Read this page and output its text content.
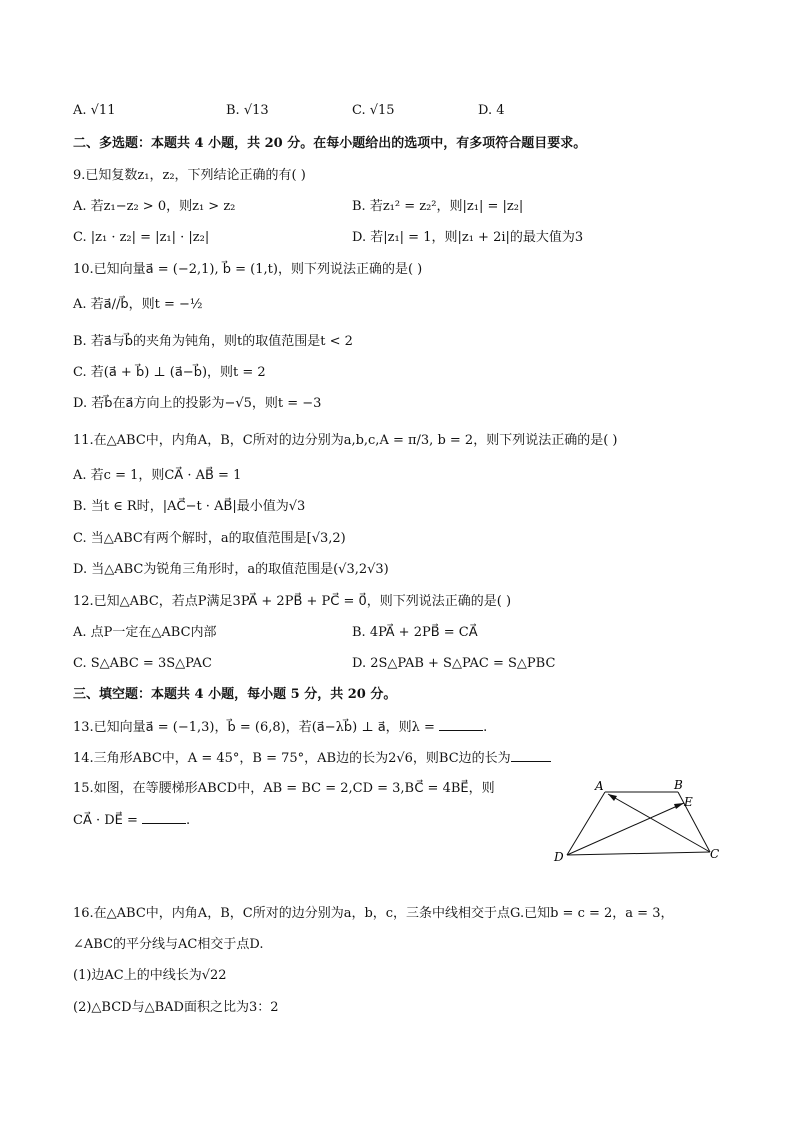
A. √11	B. √13	C. √15	D. 4
二、多选题：本题共 4 小题，共 20 分。在每小题给出的选项中，有多项符合题目要求。
9.已知复数z₁，z₂，下列结论正确的有( )
A. 若z₁−z₂ > 0，则z₁ > z₂	B. 若z₁² = z₂²，则|z₁| = |z₂|
C. |z₁ · z₂| = |z₁| · |z₂|	D. 若|z₁| = 1，则|z₁ + 2i|的最大值为3
10.已知向量a⃗ = (−2,1), b⃗ = (1,t)，则下列说法正确的是( )
A. 若a⃗//b⃗，则t = −½
B. 若a⃗与b⃗的夹角为钝角，则t的取值范围是t < 2
C. 若(a⃗ + b⃗) ⊥ (a⃗−b⃗)，则t = 2
D. 若b⃗在a⃗方向上的投影为−√5，则t = −3
11.在△ABC中，内角A，B，C所对的边分别为a,b,c,A = π/3, b = 2，则下列说法正确的是( )
A. 若c = 1，则CA⃗ · AB⃗ = 1
B. 当t ∈ R时，|AC⃗−t · AB⃗|最小值为√3
C. 当△ABC有两个解时，a的取值范围是[√3,2)
D. 当△ABC为锐角三角形时，a的取值范围是(√3,2√3)
12.已知△ABC，若点P满足3PA⃗ + 2PB⃗ + PC⃗ = 0⃗，则下列说法正确的是( )
A. 点P一定在△ABC内部	B. 4PA⃗ + 2PB⃗ = CA⃗
C. S△ABC = 3S△PAC	D. 2S△PAB + S△PAC = S△PBC
三、填空题：本题共 4 小题，每小题 5 分，共 20 分。
13.已知向量a⃗ = (−1,3)，b⃗ = (6,8)，若(a⃗−λb⃗) ⊥ a⃗，则λ =	.
14.三角形ABC中，A = 45°，B = 75°，AB边的长为2√6，则BC边的长为
15.如图，在等腰梯形ABCD中，AB = BC = 2,CD = 3,BC⃗ = 4BE⃗，则
CA⃗ · DE⃗ =	.
A	B
E
C
D
16.在△ABC中，内角A，B，C所对的边分别为a，b，c，三条中线相交于点G.已知b = c = 2，a = 3，
∠ABC的平分线与AC相交于点D.
(1)边AC上的中线长为√22
(2)△BCD与△BAD面积之比为3：2
